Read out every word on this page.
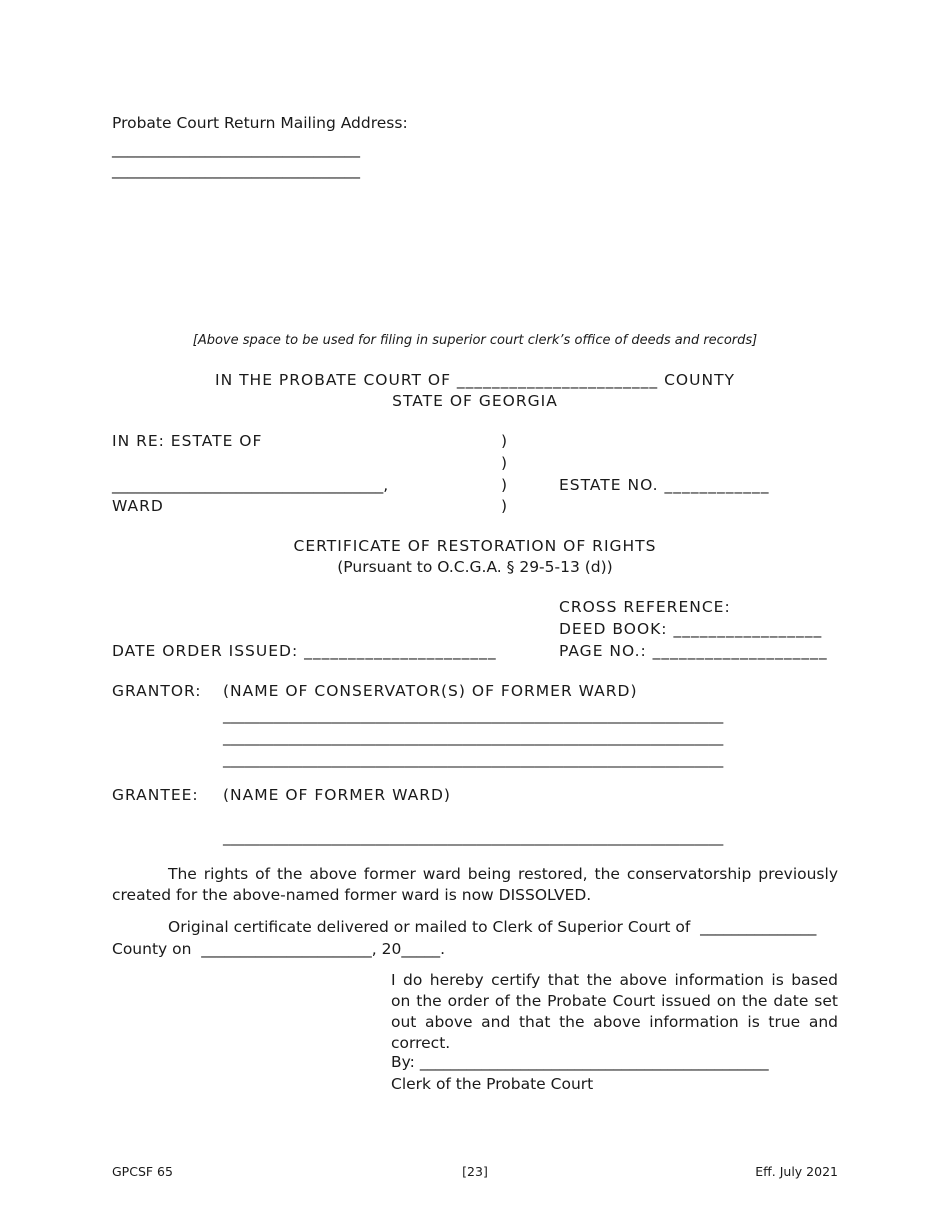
Probate Court Return Mailing Address:
________________________________
________________________________
[Above space to be used for filing in superior court clerk’s office of deeds and records]
IN THE PROBATE COURT OF _______________________ COUNTY
STATE OF GEORGIA
IN RE: ESTATE OF
___________________________________,
WARD
)
)
)
)
ESTATE NO. ____________
CERTIFICATE OF RESTORATION OF RIGHTS
(Pursuant to O.C.G.A. § 29-5-13 (d))
CROSS REFERENCE:
DEED BOOK: _________________
PAGE NO.: ____________________
DATE ORDER ISSUED: ______________________
GRANTOR: (NAME OF CONSERVATOR(S) OF FORMER WARD)
_____________________________________________________________________
_____________________________________________________________________
_____________________________________________________________________
GRANTEE: (NAME OF FORMER WARD)
_____________________________________________________________________
The rights of the above former ward being restored, the conservatorship previously created for the above-named former ward is now DISSOLVED.
Original certificate delivered or mailed to Clerk of Superior Court of  _______________
County on  ______________________, 20_____.
I do hereby certify that the above information is based on the order of the Probate Court issued on the date set out above and that the above information is true and correct.
By: _____________________________________________
Clerk of the Probate Court
GPCSF 65	[23]	Eff. July 2021
